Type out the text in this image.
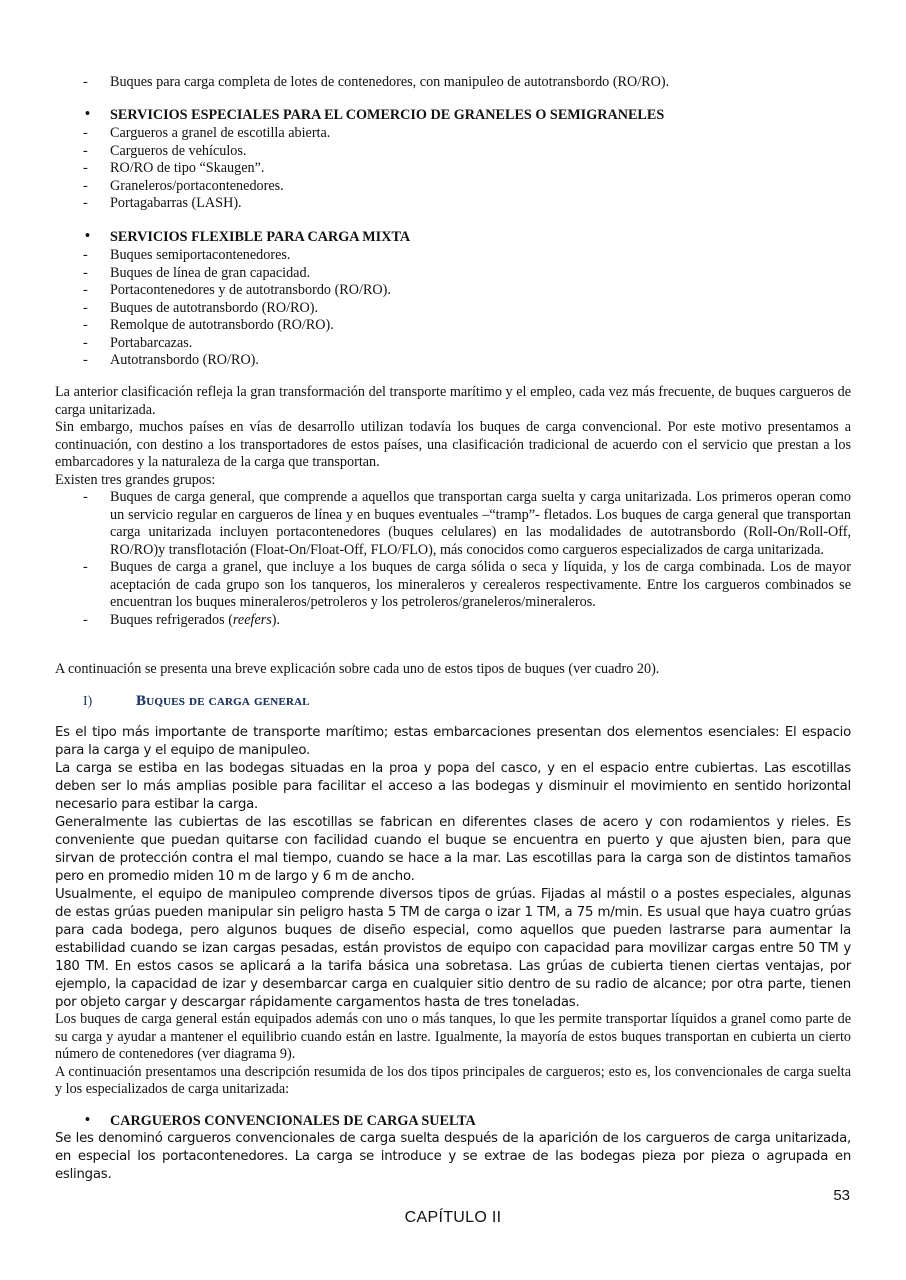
- Buques para carga completa de lotes de contenedores, con manipuleo de autotransbordo (RO/RO).
• SERVICIOS ESPECIALES PARA EL COMERCIO DE GRANELES O SEMIGRANELES
- Cargueros a granel de escotilla abierta.
- Cargueros de vehículos.
- RO/RO de tipo “Skaugen”.
- Graneleros/portacontenedores.
- Portagabarras (LASH).
• SERVICIOS FLEXIBLE PARA CARGA MIXTA
- Buques semiportacontenedores.
- Buques de línea de gran capacidad.
- Portacontenedores y de autotransbordo (RO/RO).
- Buques de autotransbordo (RO/RO).
- Remolque de autotransbordo (RO/RO).
- Portabarcazas.
- Autotransbordo (RO/RO).
La anterior clasificación refleja la gran transformación del transporte marítimo y el empleo, cada vez más frecuente, de buques cargueros de carga unitarizada.
Sin embargo, muchos países en vías de desarrollo utilizan todavía los buques de carga convencional. Por este motivo presentamos a continuación, con destino a los transportadores de estos países, una clasificación tradicional de acuerdo con el servicio que prestan a los embarcadores y la naturaleza de la carga que transportan.
Existen tres grandes grupos:
- Buques de carga general, que comprende a aquellos que transportan carga suelta y carga unitarizada. Los primeros operan como un servicio regular en cargueros de línea y en buques eventuales –“tramp”- fletados. Los buques de carga general que transportan carga unitarizada incluyen portacontenedores (buques celulares) en las modalidades de autotransbordo (Roll-On/Roll-Off, RO/RO)y transflotación (Float-On/Float-Off, FLO/FLO), más conocidos como cargueros especializados de carga unitarizada.
- Buques de carga a granel, que incluye a los buques de carga sólida o seca y líquida, y los de carga combinada. Los de mayor aceptación de cada grupo son los tanqueros, los mineraleros y cerealeros respectivamente. Entre los cargueros combinados se encuentran los buques mineraleros/petroleros y los petroleros/graneleros/mineraleros.
- Buques refrigerados (reefers).
A continuación se presenta una breve explicación sobre cada uno de estos tipos de buques (ver cuadro 20).
I)	Buques de carga general
Es el tipo más importante de transporte marítimo; estas embarcaciones presentan dos elementos esenciales: El espacio para la carga y el equipo de manipuleo.
La carga se estiba en las bodegas situadas en la proa y popa del casco, y en el espacio entre cubiertas. Las escotillas deben ser lo más amplias posible para facilitar el acceso a las bodegas y disminuir el movimiento en sentido horizontal necesario para estibar la carga.
Generalmente las cubiertas de las escotillas se fabrican en diferentes clases de acero y con rodamientos y rieles. Es conveniente que puedan quitarse con facilidad cuando el buque se encuentra en puerto y que ajusten bien, para que sirvan de protección contra el mal tiempo, cuando se hace a la mar. Las escotillas para la carga son de distintos tamaños pero en promedio miden 10 m de largo y 6 m de ancho.
Usualmente, el equipo de manipuleo comprende diversos tipos de grúas. Fijadas al mástil o a postes especiales, algunas de estas grúas pueden manipular sin peligro hasta 5 TM de carga o izar 1 TM, a 75 m/min. Es usual que haya cuatro grúas para cada bodega, pero algunos buques de diseño especial, como aquellos que pueden lastrarse para aumentar la estabilidad cuando se izan cargas pesadas, están provistos de equipo con capacidad para movilizar cargas entre 50 TM y 180 TM. En estos casos se aplicará a la tarifa básica una sobretasa. Las grúas de cubierta tienen ciertas ventajas, por ejemplo, la capacidad de izar y desembarcar carga en cualquier sitio dentro de su radio de alcance; por otra parte, tienen por objeto cargar y descargar rápidamente cargamentos hasta de tres toneladas.
Los buques de carga general están equipados además con uno o más tanques, lo que les permite transportar líquidos a granel como parte de su carga y ayudar a mantener el equilibrio cuando están en lastre. Igualmente, la mayoría de estos buques transportan en cubierta un cierto número de contenedores (ver diagrama 9).
A continuación presentamos una descripción resumida de los dos tipos principales de cargueros; esto es, los convencionales de carga suelta y los especializados de carga unitarizada:
• CARGUEROS CONVENCIONALES DE CARGA SUELTA
Se les denominó cargueros convencionales de carga suelta después de la aparición de los cargueros de carga unitarizada, en especial los portacontenedores. La carga se introduce y se extrae de las bodegas pieza por pieza o agrupada en eslingas.
53
CAPÍTULO II
